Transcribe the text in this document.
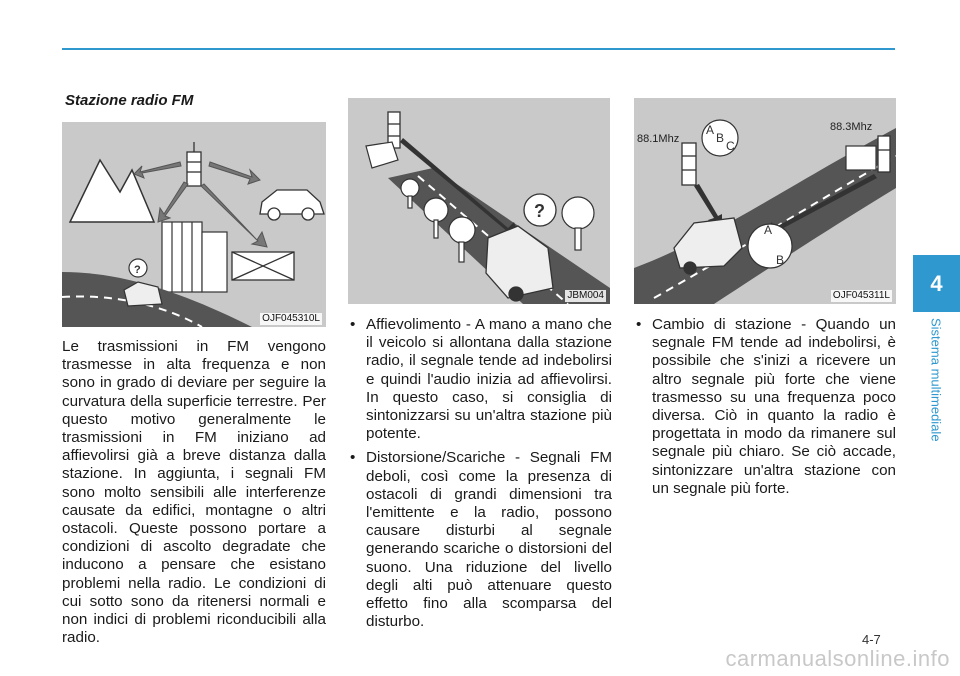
Stazione radio FM
?
OJF045310L
?
JBM004
A
B
C
88.1Mhz
88.3Mhz
A
B
OJF045311L

Le trasmissioni in FM vengono trasmesse in alta frequenza e non sono in grado di deviare per seguire la curvatura della superficie terrestre. Per questo motivo generalmente le trasmissioni in FM iniziano ad affievolirsi già a breve distanza dalla stazione. In aggiunta, i segnali FM sono molto sensibili alle interferenze causate da edifici, montagne o altri ostacoli. Queste possono portare a condizioni di ascolto degradate che inducono a pensare che esistano problemi nella radio. Le condizioni di cui sotto sono da ritenersi normali e non indici di problemi riconducibili alla radio.

• Affievolimento - A mano a mano che il veicolo si allontana dalla stazione radio, il segnale tende ad indebolirsi e quindi l'audio inizia ad affievolirsi. In questo caso, si consiglia di sintonizzarsi su un'altra stazione più potente.
• Distorsione/Scariche - Segnali FM deboli, così come la presenza di ostacoli di grandi dimensioni tra l'emittente e la radio, possono causare disturbi al segnale generando scariche o distorsioni del suono. Una riduzione del livello degli alti può attenuare questo effetto fino alla scomparsa del disturbo.
• Cambio di stazione - Quando un segnale FM tende ad indebolirsi, è possibile che s'inizi a ricevere un altro segnale più forte che viene trasmesso su una frequenza poco diversa. Ciò in quanto la radio è progettata in modo da rimanere sul segnale più chiaro. Se ciò accade, sintonizzare un'altra stazione con un segnale più forte.
4
Sistema multimediale
4-7
carmanualsonline.info
